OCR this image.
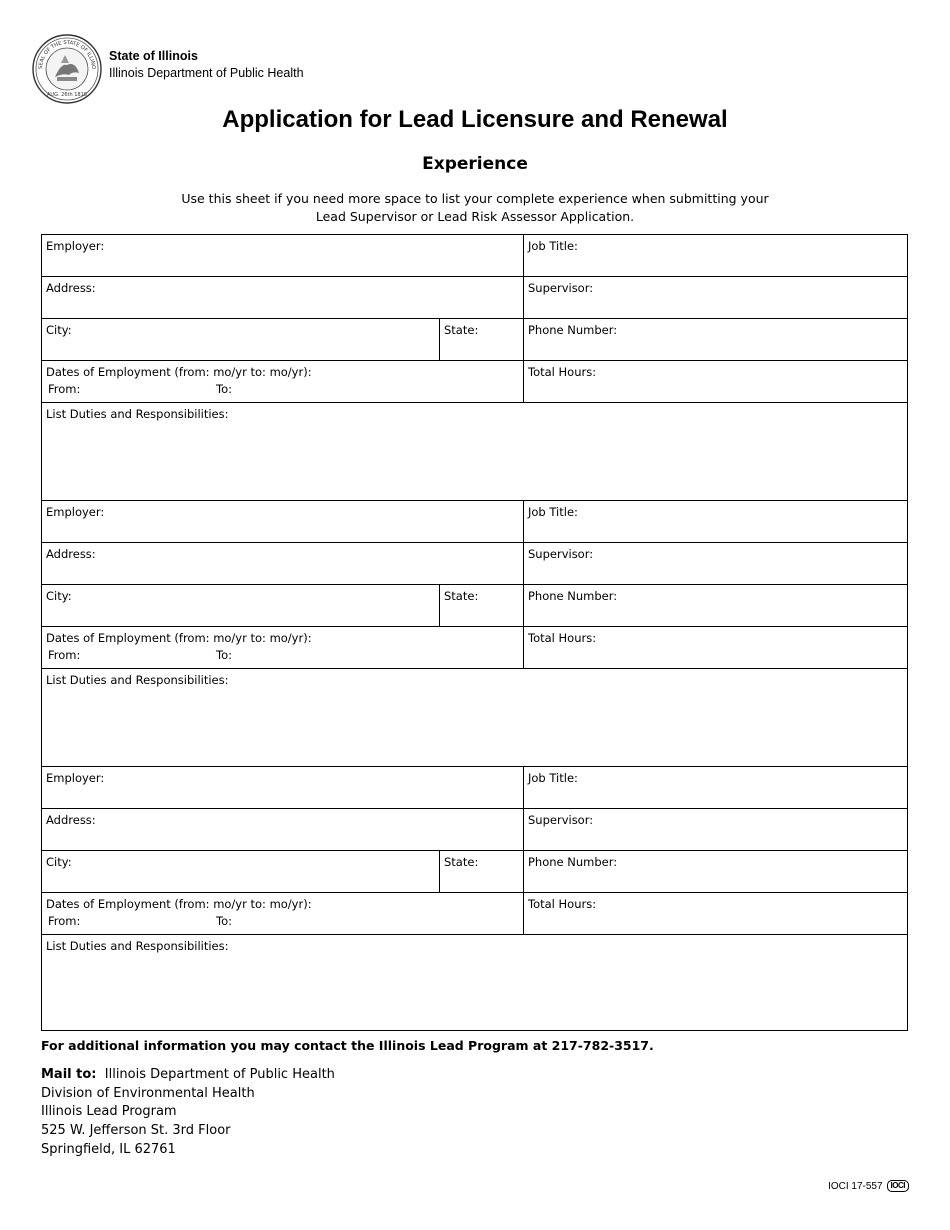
SEAL OF THE STATE OF ILLINO
AUG. 26th 1818
State of Illinois
Illinois Department of Public Health
Application for Lead Licensure and Renewal
Experience
Use this sheet if you need more space to list your complete experience when submitting your
Lead Supervisor or Lead Risk Assessor Application.
Employer:	Job Title:
Address:	Supervisor:
City:	State:	Phone Number:
Dates of Employment (from: mo/yr to: mo/yr):
From:	To:
Total Hours:
List Duties and Responsibilities:
Employer:	Job Title:
Address:	Supervisor:
City:	State:	Phone Number:
Dates of Employment (from: mo/yr to: mo/yr):
From:	To:
Total Hours:
List Duties and Responsibilities:
Employer:	Job Title:
Address:	Supervisor:
City:	State:	Phone Number:
Dates of Employment (from: mo/yr to: mo/yr):
From:	To:
Total Hours:
List Duties and Responsibilities:
For additional information you may contact the Illinois Lead Program at 217-782-3517.
Mail to: Illinois Department of Public Health
Division of Environmental Health
Illinois Lead Program
525 W. Jefferson St. 3rd Floor
Springfield, IL 62761
IOCI 17-557	IOCI
